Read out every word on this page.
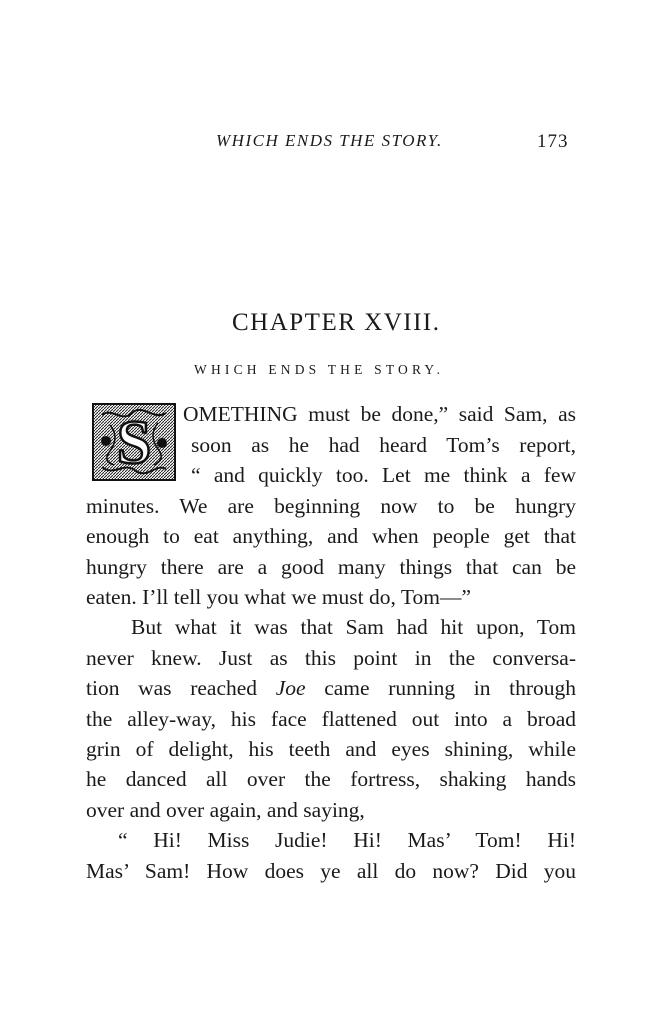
WHICH ENDS THE STORY.	173
CHAPTER XVIII.
WHICH ENDS THE STORY.
S OMETHING must be done,” said Sam, as
soon as he had heard Tom’s report,
“ and quickly too. Let me think a few
minutes. We are beginning now to be hungry
enough to eat anything, and when people get that
hungry there are a good many things that can be
eaten. I’ll tell you what we must do, Tom—”
But what it was that Sam had hit upon, Tom
never knew. Just as this point in the conversa-
tion was reached Joe came running in through
the alley-way, his face flattened out into a broad
grin of delight, his teeth and eyes shining, while
he danced all over the fortress, shaking hands
over and over again, and saying,
“ Hi! Miss Judie! Hi! Mas’ Tom! Hi!
Mas’ Sam! How does ye all do now? Did you
